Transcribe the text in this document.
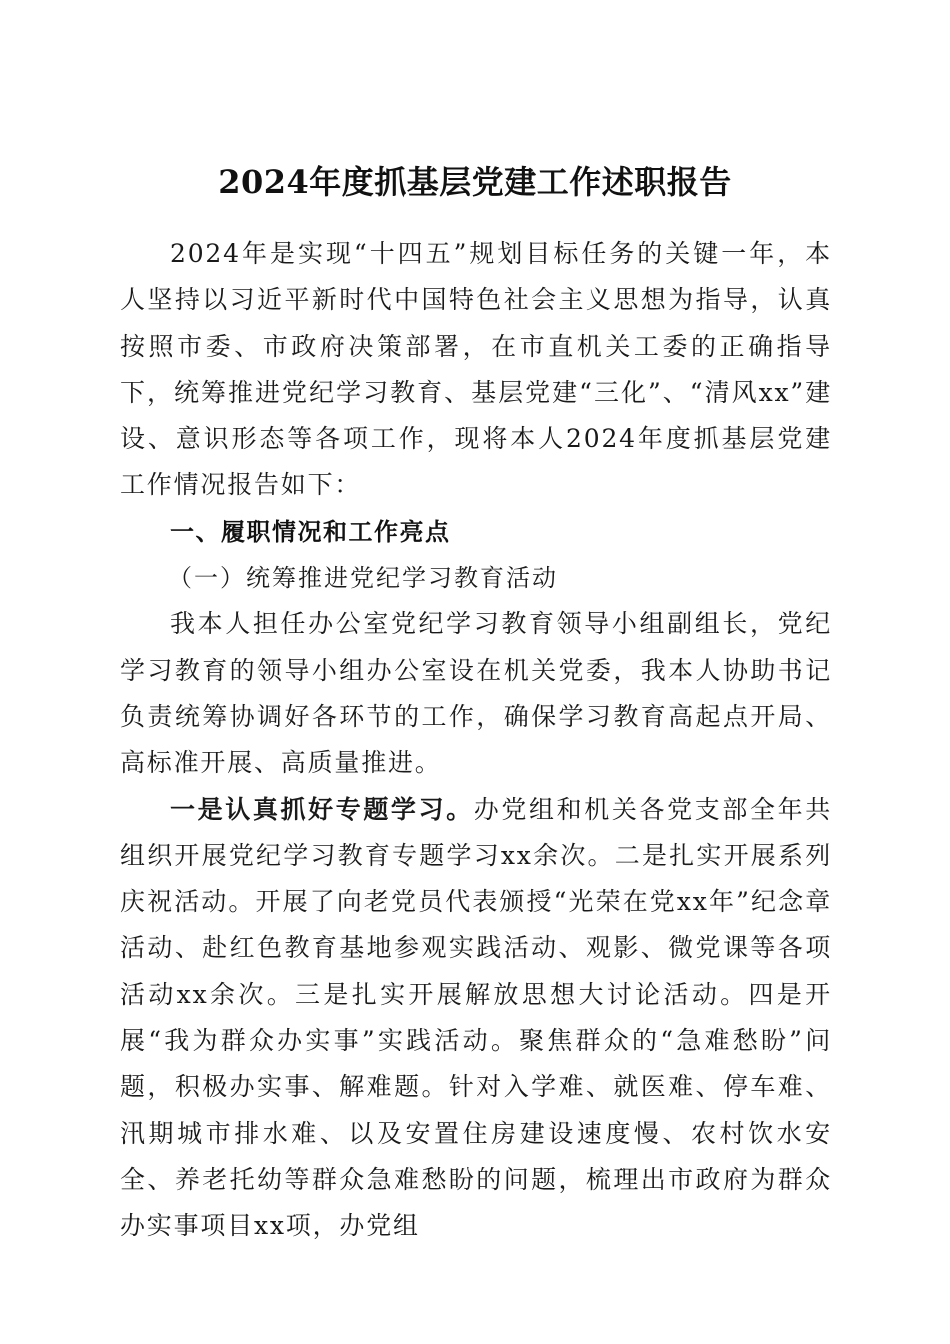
2024年度抓基层党建工作述职报告

2024年是实现“十四五”规划目标任务的关键一年，本人坚持以习近平新时代中国特色社会主义思想为指导，认真按照市委、市政府决策部署，在市直机关工委的正确指导下，统筹推进党纪学习教育、基层党建“三化”、“清风xx”建设、意识形态等各项工作，现将本人2024年度抓基层党建工作情况报告如下：

一、履职情况和工作亮点

（一）统筹推进党纪学习教育活动

我本人担任办公室党纪学习教育领导小组副组长，党纪学习教育的领导小组办公室设在机关党委，我本人协助书记负责统筹协调好各环节的工作，确保学习教育高起点开局、高标准开展、高质量推进。

一是认真抓好专题学习。办党组和机关各党支部全年共组织开展党纪学习教育专题学习xx余次。二是扎实开展系列庆祝活动。开展了向老党员代表颁授“光荣在党xx年”纪念章活动、赴红色教育基地参观实践活动、观影、微党课等各项活动xx余次。三是扎实开展解放思想大讨论活动。四是开展“我为群众办实事”实践活动。聚焦群众的“急难愁盼”问题，积极办实事、解难题。针对入学难、就医难、停车难、汛期城市排水难、以及安置住房建设速度慢、农村饮水安全、养老托幼等群众急难愁盼的问题，梳理出市政府为群众办实事项目xx项，办党组
